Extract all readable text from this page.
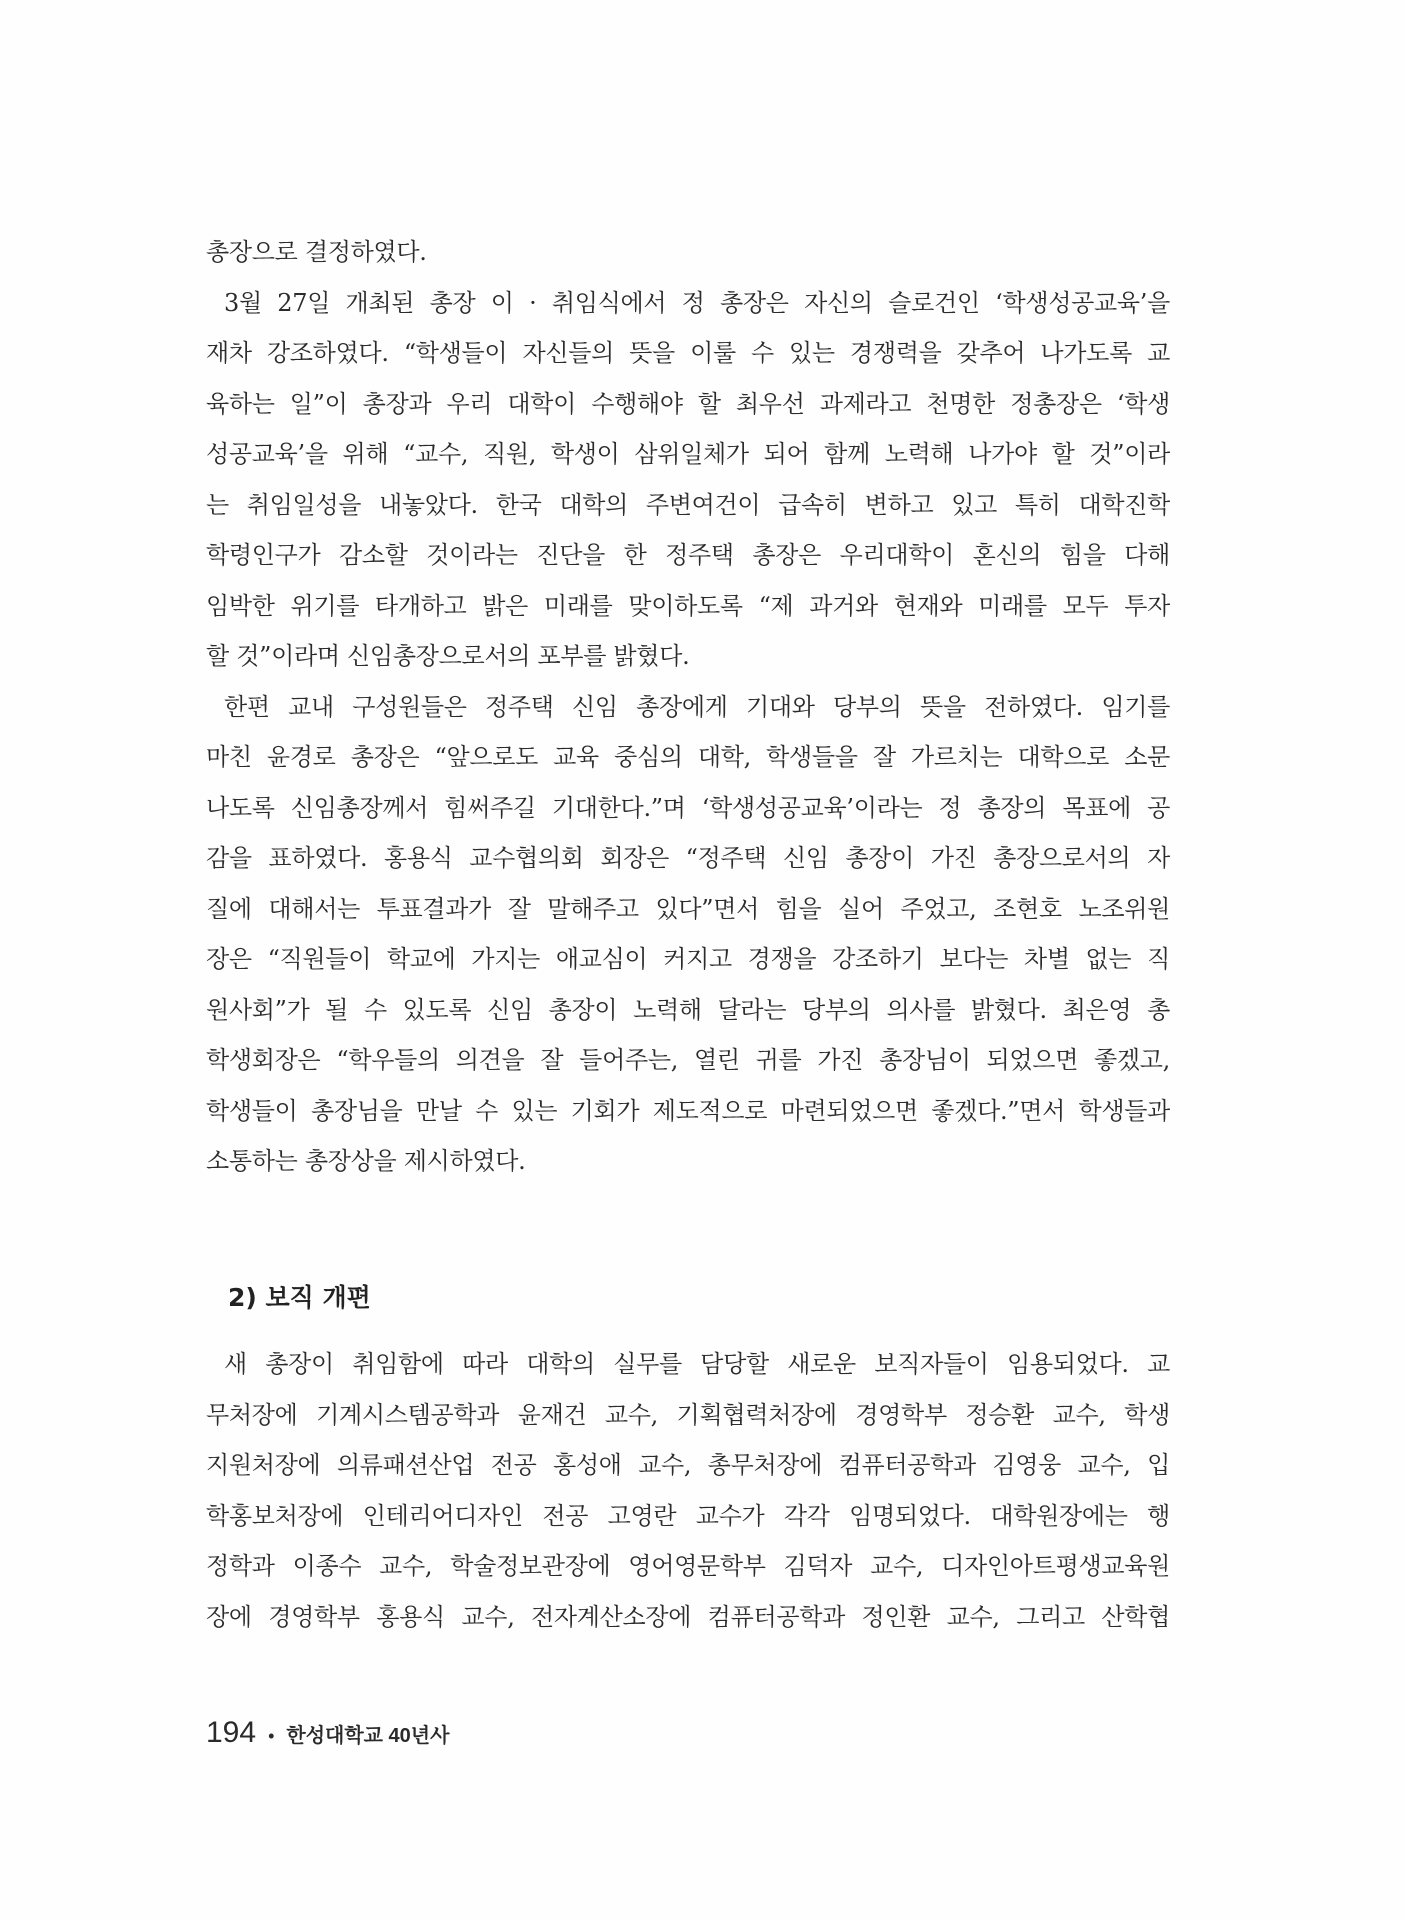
총장으로 결정하였다.
3월 27일 개최된 총장 이 · 취임식에서 정 총장은 자신의 슬로건인 ‘학생성공교육’을
재차 강조하였다. “학생들이 자신들의 뜻을 이룰 수 있는 경쟁력을 갖추어 나가도록 교
육하는 일”이 총장과 우리 대학이 수행해야 할 최우선 과제라고 천명한 정총장은 ‘학생
성공교육’을 위해 “교수, 직원, 학생이 삼위일체가 되어 함께 노력해 나가야 할 것”이라
는 취임일성을 내놓았다. 한국 대학의 주변여건이 급속히 변하고 있고 특히 대학진학
학령인구가 감소할 것이라는 진단을 한 정주택 총장은 우리대학이 혼신의 힘을 다해
임박한 위기를 타개하고 밝은 미래를 맞이하도록 “제 과거와 현재와 미래를 모두 투자
할 것”이라며 신임총장으로서의 포부를 밝혔다.
한편 교내 구성원들은 정주택 신임 총장에게 기대와 당부의 뜻을 전하였다. 임기를
마친 윤경로 총장은 “앞으로도 교육 중심의 대학, 학생들을 잘 가르치는 대학으로 소문
나도록 신임총장께서 힘써주길 기대한다.”며 ‘학생성공교육’이라는 정 총장의 목표에 공
감을 표하였다. 홍용식 교수협의회 회장은 “정주택 신임 총장이 가진 총장으로서의 자
질에 대해서는 투표결과가 잘 말해주고 있다”면서 힘을 실어 주었고, 조현호 노조위원
장은 “직원들이 학교에 가지는 애교심이 커지고 경쟁을 강조하기 보다는 차별 없는 직
원사회”가 될 수 있도록 신임 총장이 노력해 달라는 당부의 의사를 밝혔다. 최은영 총
학생회장은 “학우들의 의견을 잘 들어주는, 열린 귀를 가진 총장님이 되었으면 좋겠고,
학생들이 총장님을 만날 수 있는 기회가 제도적으로 마련되었으면 좋겠다.”면서 학생들과
소통하는 총장상을 제시하였다.
2) 보직 개편
새 총장이 취임함에 따라 대학의 실무를 담당할 새로운 보직자들이 임용되었다. 교
무처장에 기계시스템공학과 윤재건 교수, 기획협력처장에 경영학부 정승환 교수, 학생
지원처장에 의류패션산업 전공 홍성애 교수, 총무처장에 컴퓨터공학과 김영웅 교수, 입
학홍보처장에 인테리어디자인 전공 고영란 교수가 각각 임명되었다. 대학원장에는 행
정학과 이종수 교수, 학술정보관장에 영어영문학부 김덕자 교수, 디자인아트평생교육원
장에 경영학부 홍용식 교수, 전자계산소장에 컴퓨터공학과 정인환 교수, 그리고 산학협
194 • 한성대학교 40년사
